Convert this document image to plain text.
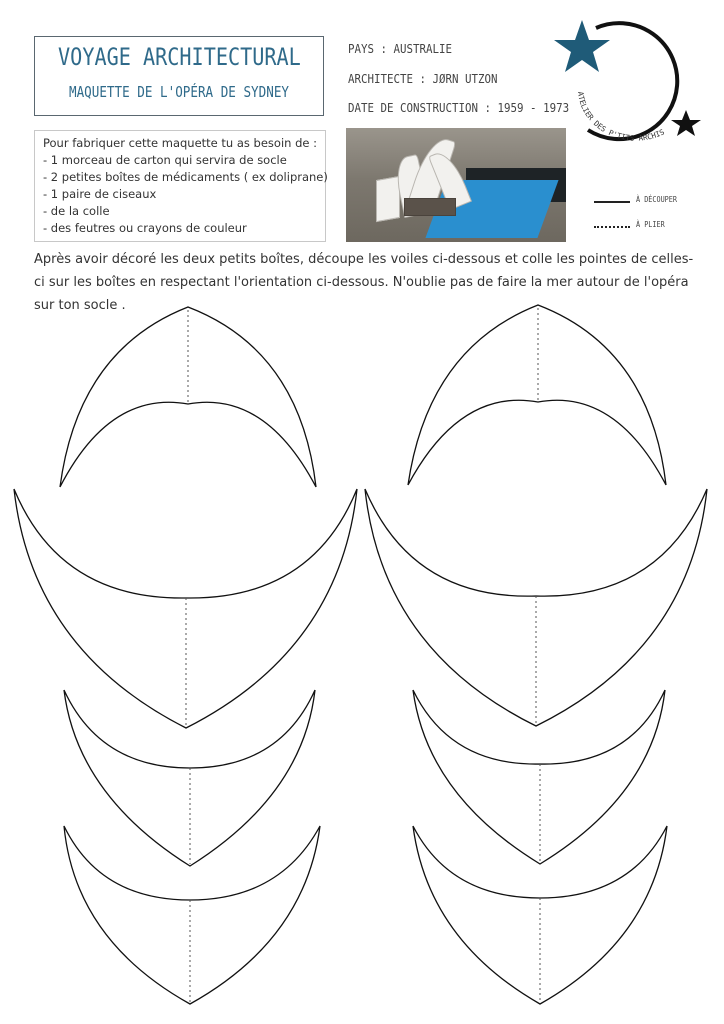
VOYAGE ARCHITECTURAL
MAQUETTE DE L'OPÉRA DE SYDNEY
PAYS : AUSTRALIE
ARCHITECTE : JØRN UTZON
DATE DE CONSTRUCTION : 1959 - 1973
Pour fabriquer cette maquette tu as besoin de :
- 1 morceau de carton qui servira de socle
- 2 petites boîtes de médicaments ( ex doliprane)
- 1 paire de ciseaux
- de la colle
- des feutres ou crayons de couleur
À DÉCOUPER
À PLIER
Après avoir décoré les deux petits boîtes, découpe les voiles ci-dessous et colle les pointes de celles-ci sur les boîtes en respectant l'orientation ci-dessous. N'oublie pas de faire la mer autour de l'opéra sur ton socle .
ATELIER DES P'TITS ARCHIS
